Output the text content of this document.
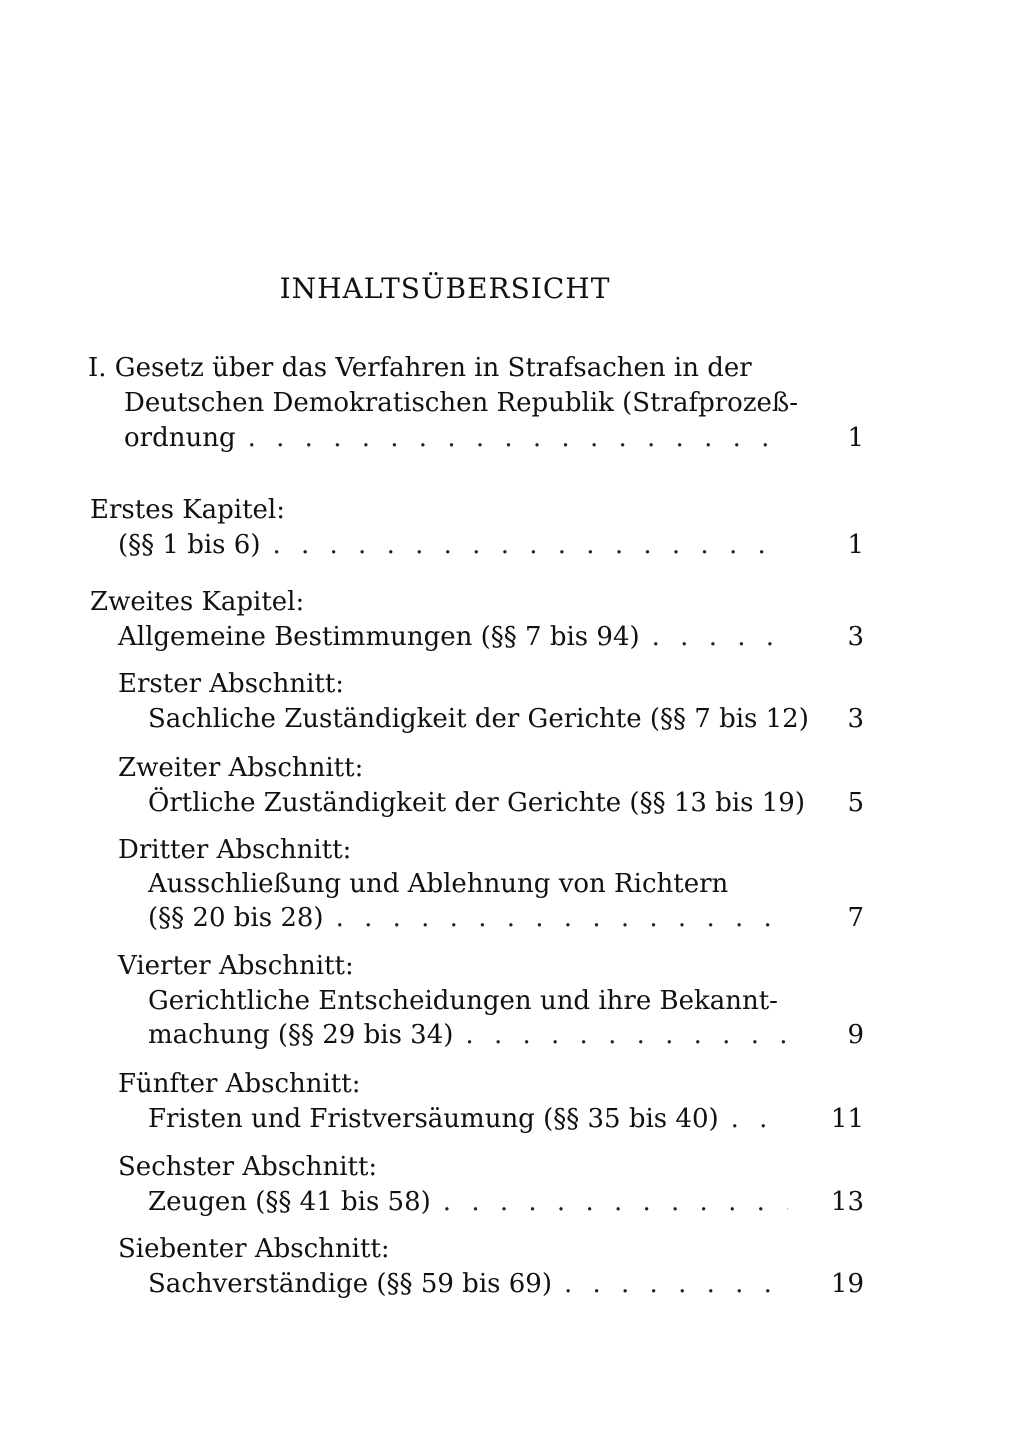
INHALTSÜBERSICHT
I. Gesetz über das Verfahren in Strafsachen in der
Deutschen Demokratischen Republik (Strafprozeß-
ordnung . . .	1
Erstes Kapitel:
(§§ 1 bis 6) . . .	1
Zweites Kapitel:
Allgemeine Bestimmungen (§§ 7 bis 94) . . .	3
Erster Abschnitt:
Sachliche Zuständigkeit der Gerichte (§§ 7 bis 12)	3
Zweiter Abschnitt:
Örtliche Zuständigkeit der Gerichte (§§ 13 bis 19)	5
Dritter Abschnitt:
Ausschließung und Ablehnung von Richtern
(§§ 20 bis 28) . . .	7
Vierter Abschnitt:
Gerichtliche Entscheidungen und ihre Bekannt-
machung (§§ 29 bis 34) . . .	9
Fünfter Abschnitt:
Fristen und Fristversäumung (§§ 35 bis 40) . . .	11
Sechster Abschnitt:
Zeugen (§§ 41 bis 58) . . .	13
Siebenter Abschnitt:
Sachverständige (§§ 59 bis 69) . . .	19
